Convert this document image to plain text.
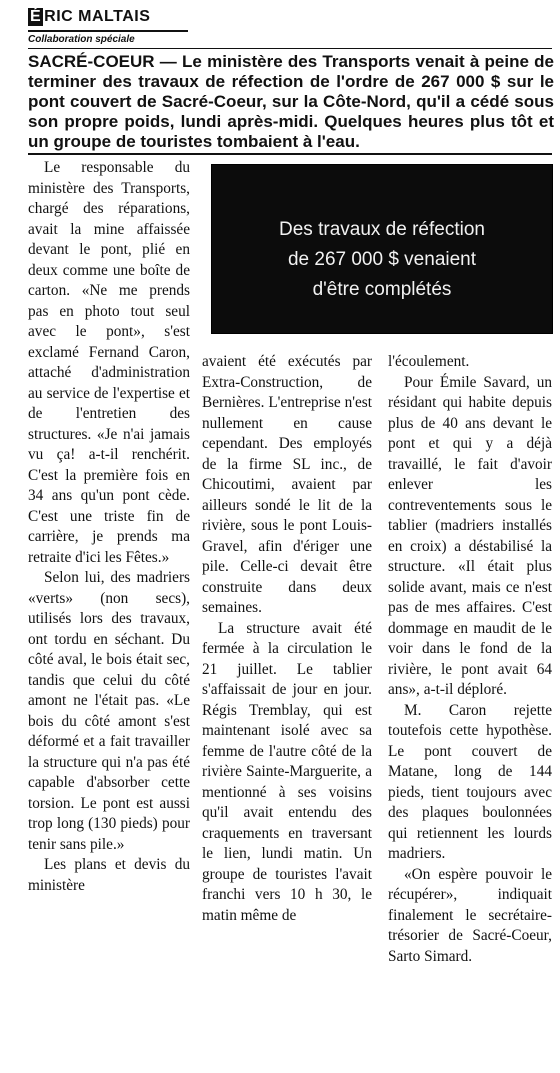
É RIC MALTAIS
Collaboration spéciale
SACRÉ-COEUR — Le ministère des Transports venait à peine de terminer des travaux de réfection de l'ordre de 267 000 $ sur le pont couvert de Sacré-Coeur, sur la Côte-Nord, qu'il a cédé sous son propre poids, lundi après-midi. Quelques heures plus tôt et un groupe de touristes tombaient à l'eau.

Le responsable du ministère des Transports, chargé des réparations, avait la mine affaissée devant le pont, plié en deux comme une boîte de carton. «Ne me prends pas en photo tout seul avec le pont», s'est exclamé Fernand Caron, attaché d'administration au service de l'expertise et de l'entretien des structures. «Je n'ai jamais vu ça! a-t-il renchérit. C'est la première fois en 34 ans qu'un pont cède. C'est une triste fin de carrière, je prends ma retraite d'ici les Fêtes.»

Selon lui, des madriers «verts» (non secs), utilisés lors des travaux, ont tordu en séchant. Du côté aval, le bois était sec, tandis que celui du côté amont ne l'était pas. «Le bois du côté amont s'est déformé et a fait travailler la structure qui n'a pas été capable d'absorber cette torsion. Le pont est aussi trop long (130 pieds) pour tenir sans pile.»

Les plans et devis du ministère

Des travaux de réfection
de 267 000 $ venaient
d'être complétés

avaient été exécutés par Extra-Construction, de Bernières. L'entreprise n'est nullement en cause cependant. Des employés de la firme SL inc., de Chicoutimi, avaient par ailleurs sondé le lit de la rivière, sous le pont Louis-Gravel, afin d'ériger une pile. Celle-ci devait être construite dans deux semaines.

La structure avait été fermée à la circulation le 21 juillet. Le tablier s'affaissait de jour en jour. Régis Tremblay, qui est maintenant isolé avec sa femme de l'autre côté de la rivière Sainte-Marguerite, a mentionné à ses voisins qu'il avait entendu des craquements en traversant le lien, lundi matin. Un groupe de touristes l'avait franchi vers 10 h 30, le matin même de

l'écoulement.

Pour Émile Savard, un résidant qui habite depuis plus de 40 ans devant le pont et qui y a déjà travaillé, le fait d'avoir enlever les contreventements sous le tablier (madriers installés en croix) a déstabilisé la structure. «Il était plus solide avant, mais ce n'est pas de mes affaires. C'est dommage en maudit de le voir dans le fond de la rivière, le pont avait 64 ans», a-t-il déploré.

M. Caron rejette toutefois cette hypothèse. Le pont couvert de Matane, long de 144 pieds, tient toujours avec des plaques boulonnées qui retiennent les lourds madriers.

«On espère pouvoir le récupérer», indiquait finalement le secrétaire-trésorier de Sacré-Coeur, Sarto Simard.
